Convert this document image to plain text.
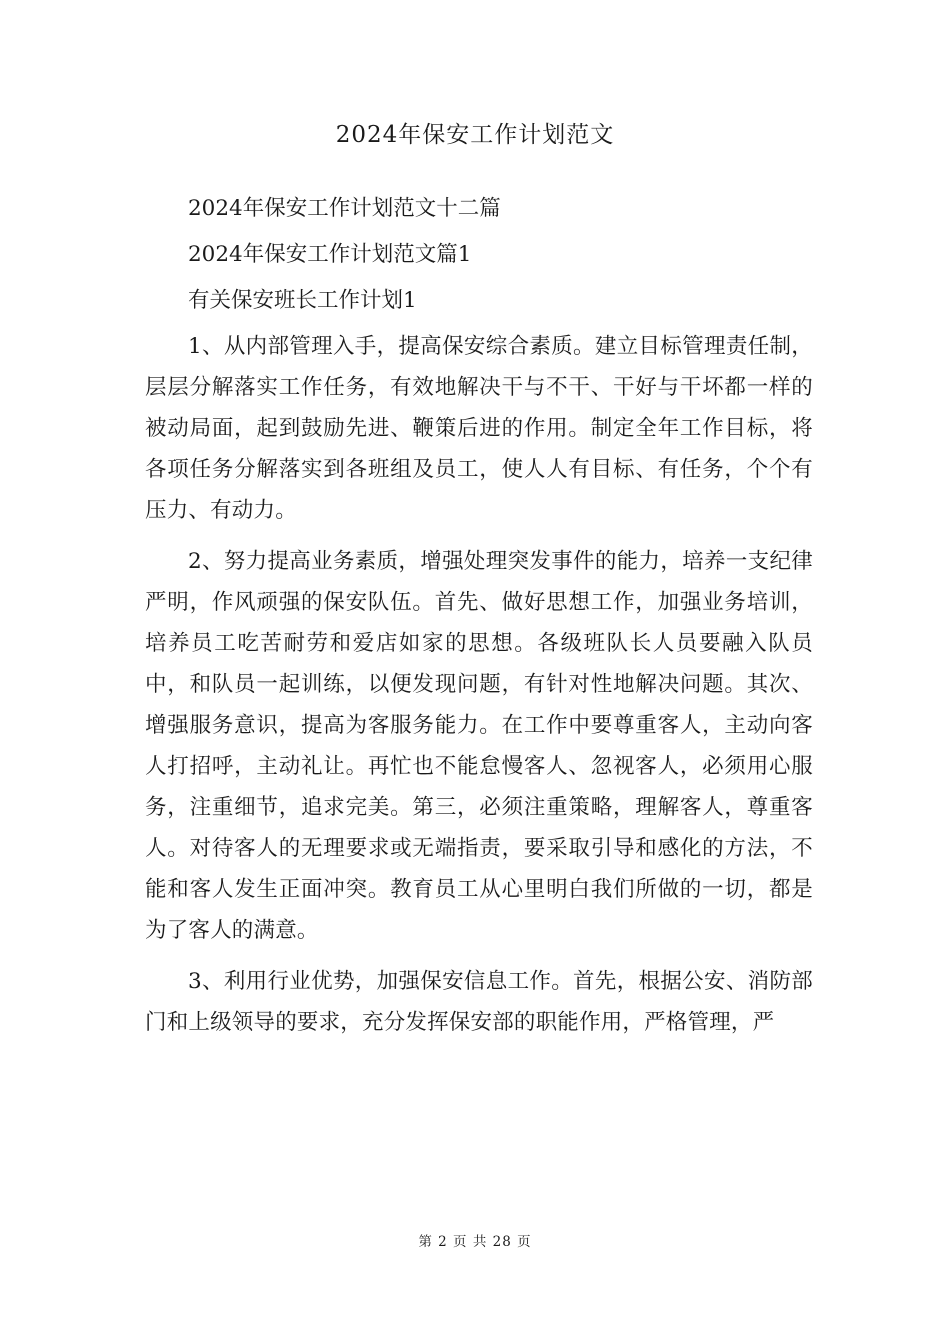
2024年保安工作计划范文

2024年保安工作计划范文十二篇

2024年保安工作计划范文篇1

有关保安班长工作计划1

1、从内部管理入手，提高保安综合素质。建立目标管理责任制，层层分解落实工作任务，有效地解决干与不干、干好与干坏都一样的被动局面，起到鼓励先进、鞭策后进的作用。制定全年工作目标，将各项任务分解落实到各班组及员工，使人人有目标、有任务，个个有压力、有动力。

2、努力提高业务素质，增强处理突发事件的能力，培养一支纪律严明，作风顽强的保安队伍。首先、做好思想工作，加强业务培训，培养员工吃苦耐劳和爱店如家的思想。各级班队长人员要融入队员中，和队员一起训练，以便发现问题，有针对性地解决问题。其次、增强服务意识，提高为客服务能力。在工作中要尊重客人，主动向客人打招呼，主动礼让。再忙也不能怠慢客人、忽视客人，必须用心服务，注重细节，追求完美。第三，必须注重策略，理解客人，尊重客人。对待客人的无理要求或无端指责，要采取引导和感化的方法，不能和客人发生正面冲突。教育员工从心里明白我们所做的一切，都是为了客人的满意。

3、利用行业优势，加强保安信息工作。首先，根据公安、消防部门和上级领导的要求，充分发挥保安部的职能作用，严格管理，严

第 2 页 共 28 页
